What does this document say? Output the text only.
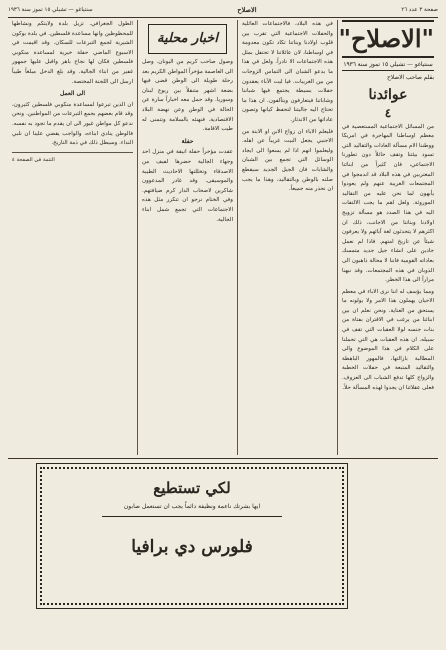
سنتياغو — تشيلي ١٥ تموز سنة ١٩٣٦	الاصلاح	صفحة ٣ عدد ٢٦
"الاصلاح"
سنتياغو — تشيلي ١٥ تموز سنة ١٩٣٦
بقلم صاحب الاصلاح
عوائدنا
٤

من المسائل الاجتماعية المستعصية في معظم اوساطنا المهاجرة في امريكا ووطننا الام مسألة العادات والتقاليد التي تسود بيئتنا وتقف حائلاً دون تطورنا الاجتماعي، فان كثيراً من ابنائنا المغتربين في هذه البلاد قد اندمجوا في المجتمعات الغريبة عنهم ولم يعودوا يأبهون لما نحن عليه من التقاليد الموروثة. ولعل اهم ما يجب الالتفات اليه في هذا الصدد هو مسألة تزويج اولادنا وبناتنا من الاجانب، ذلك ان اكثرهم لا يتحدثون لغة آبائهم ولا يعرفون شيئاً عن تاريخ امتهم. فاذا لم نعمل جادين على انشاء جيل جديد متمسك بعاداته القومية فاننا لا محالة ذاهبون الى الذوبان في هذه المجتمعات. وقد نبهنا مراراً الى هذا الخطر.

ومما يؤسف له اننا نرى الاباء في معظم الاحيان يهملون هذا الامر ولا يولونه ما يستحق من العناية. ونحن نعلم ان بين ابنائنا من يرغب في الاقتران بفتاة من بنات جنسه لولا العقبات التي تقف في سبيله. ان هذه العقبات هي التي تحملنا على الكلام في هذا الموضوع والى المطالبة بازالتها، فالمهور الباهظة والتقاليد المتبعة في حفلات الخطبة والزواج كلها تدفع الشباب الى العزوف. فعلى عقلائنا ان يجدوا لهذه المسألة حلاً.

في هذه البلاد، فالاجتماعات العائلية والحفلات الاجتماعية التي تقرب بين قلوب اولادنا وبناتنا تكاد تكون معدومة في اوساطنا، لان عائلاتنا لا تحتفل بمثل هذه الاجتماعات الا نادراً. ولعل في هذا ما يدعو الشبان الى التماس الزوجات من بين الغريبات. فيا ليت الآباء يعقدون حفلات بسيطة يجتمع فيها شباننا وشاباتنا فيتعارفون ويتآلفون. ان هذا ما تحتاج اليه جاليتنا لتحفظ كيانها وتصون عاداتها من الاندثار.

فليعلم الاباء ان زواج الابن او الابنة من الاجنبي يجعل البيت غريباً عن اهله. وليعلموا انهم اذا لم يسعوا الى ايجاد الوسائل التي تجمع بين الشبان والشابات فان الجيل الجديد سيقطع صلته بالوطن وبالتقاليد، وهذا ما يجب ان نحذر منه جميعاً.

اخبار محلية

وصول صاحب كريم من اليونان. وصل الى العاصمة مؤخراً المواطن الكريم بعد رحلة طويلة الى الوطن قضى فيها بضعة اشهر متنقلاً بين ربوع لبنان وسوريا. وقد حمل معه اخباراً سارة عن الحالة في الوطن وعن نهضة البلاد الاقتصادية. فنهنئه بالسلامة ونتمنى له طيب الاقامة.

حفلة

عقدت مؤخراً حفلة انيقة في منزل احد وجهاء الجالية حضرها لفيف من الاصدقاء وتخللتها الاحاديث الطيبة والموسيقى. وقد غادر المدعوون شاكرين لاصحاب الدار كرم ضيافتهم. وفي الختام نرجو ان تتكرر مثل هذه الاجتماعات التي تجمع شمل ابناء الجالية.

الطول الجغرافي. تزيل بلدة ولايتكم ونشاطها للمحظوظين وانها مساعدة فلسطين. في بلدة بوكون الشيرية لجمع التبرعات للسكان. وقد اقيمت في الاسبوع الماضي حفلة خيرية لمساعدة منكوبي فلسطين فكان لها نجاح باهر واقبل عليها جمهور غفير من ابناء الجالية. وقد بلغ الدخل مبلغاً طيباً ارسل الى اللجنة المختصة.

الى العمل

ان الذين تبرعوا لمساعدة منكوبي فلسطين كثيرون، وقد قام بعضهم بجمع التبرعات من المواطنين. ونحن ندعو كل مواطن غيور الى ان يقدم ما تجود به نفسه. فالوطن ينادي ابناءه، والواجب يقضي علينا ان نلبي النداء. وسيظل ذلك في ذمة التاريخ.

التتمة في الصفحة ٤
لكي تستطيع
ايها بشرتك ناعمة ونظيفة دائماً يجب ان تستعمل صابون
فلورس دي برافيا
